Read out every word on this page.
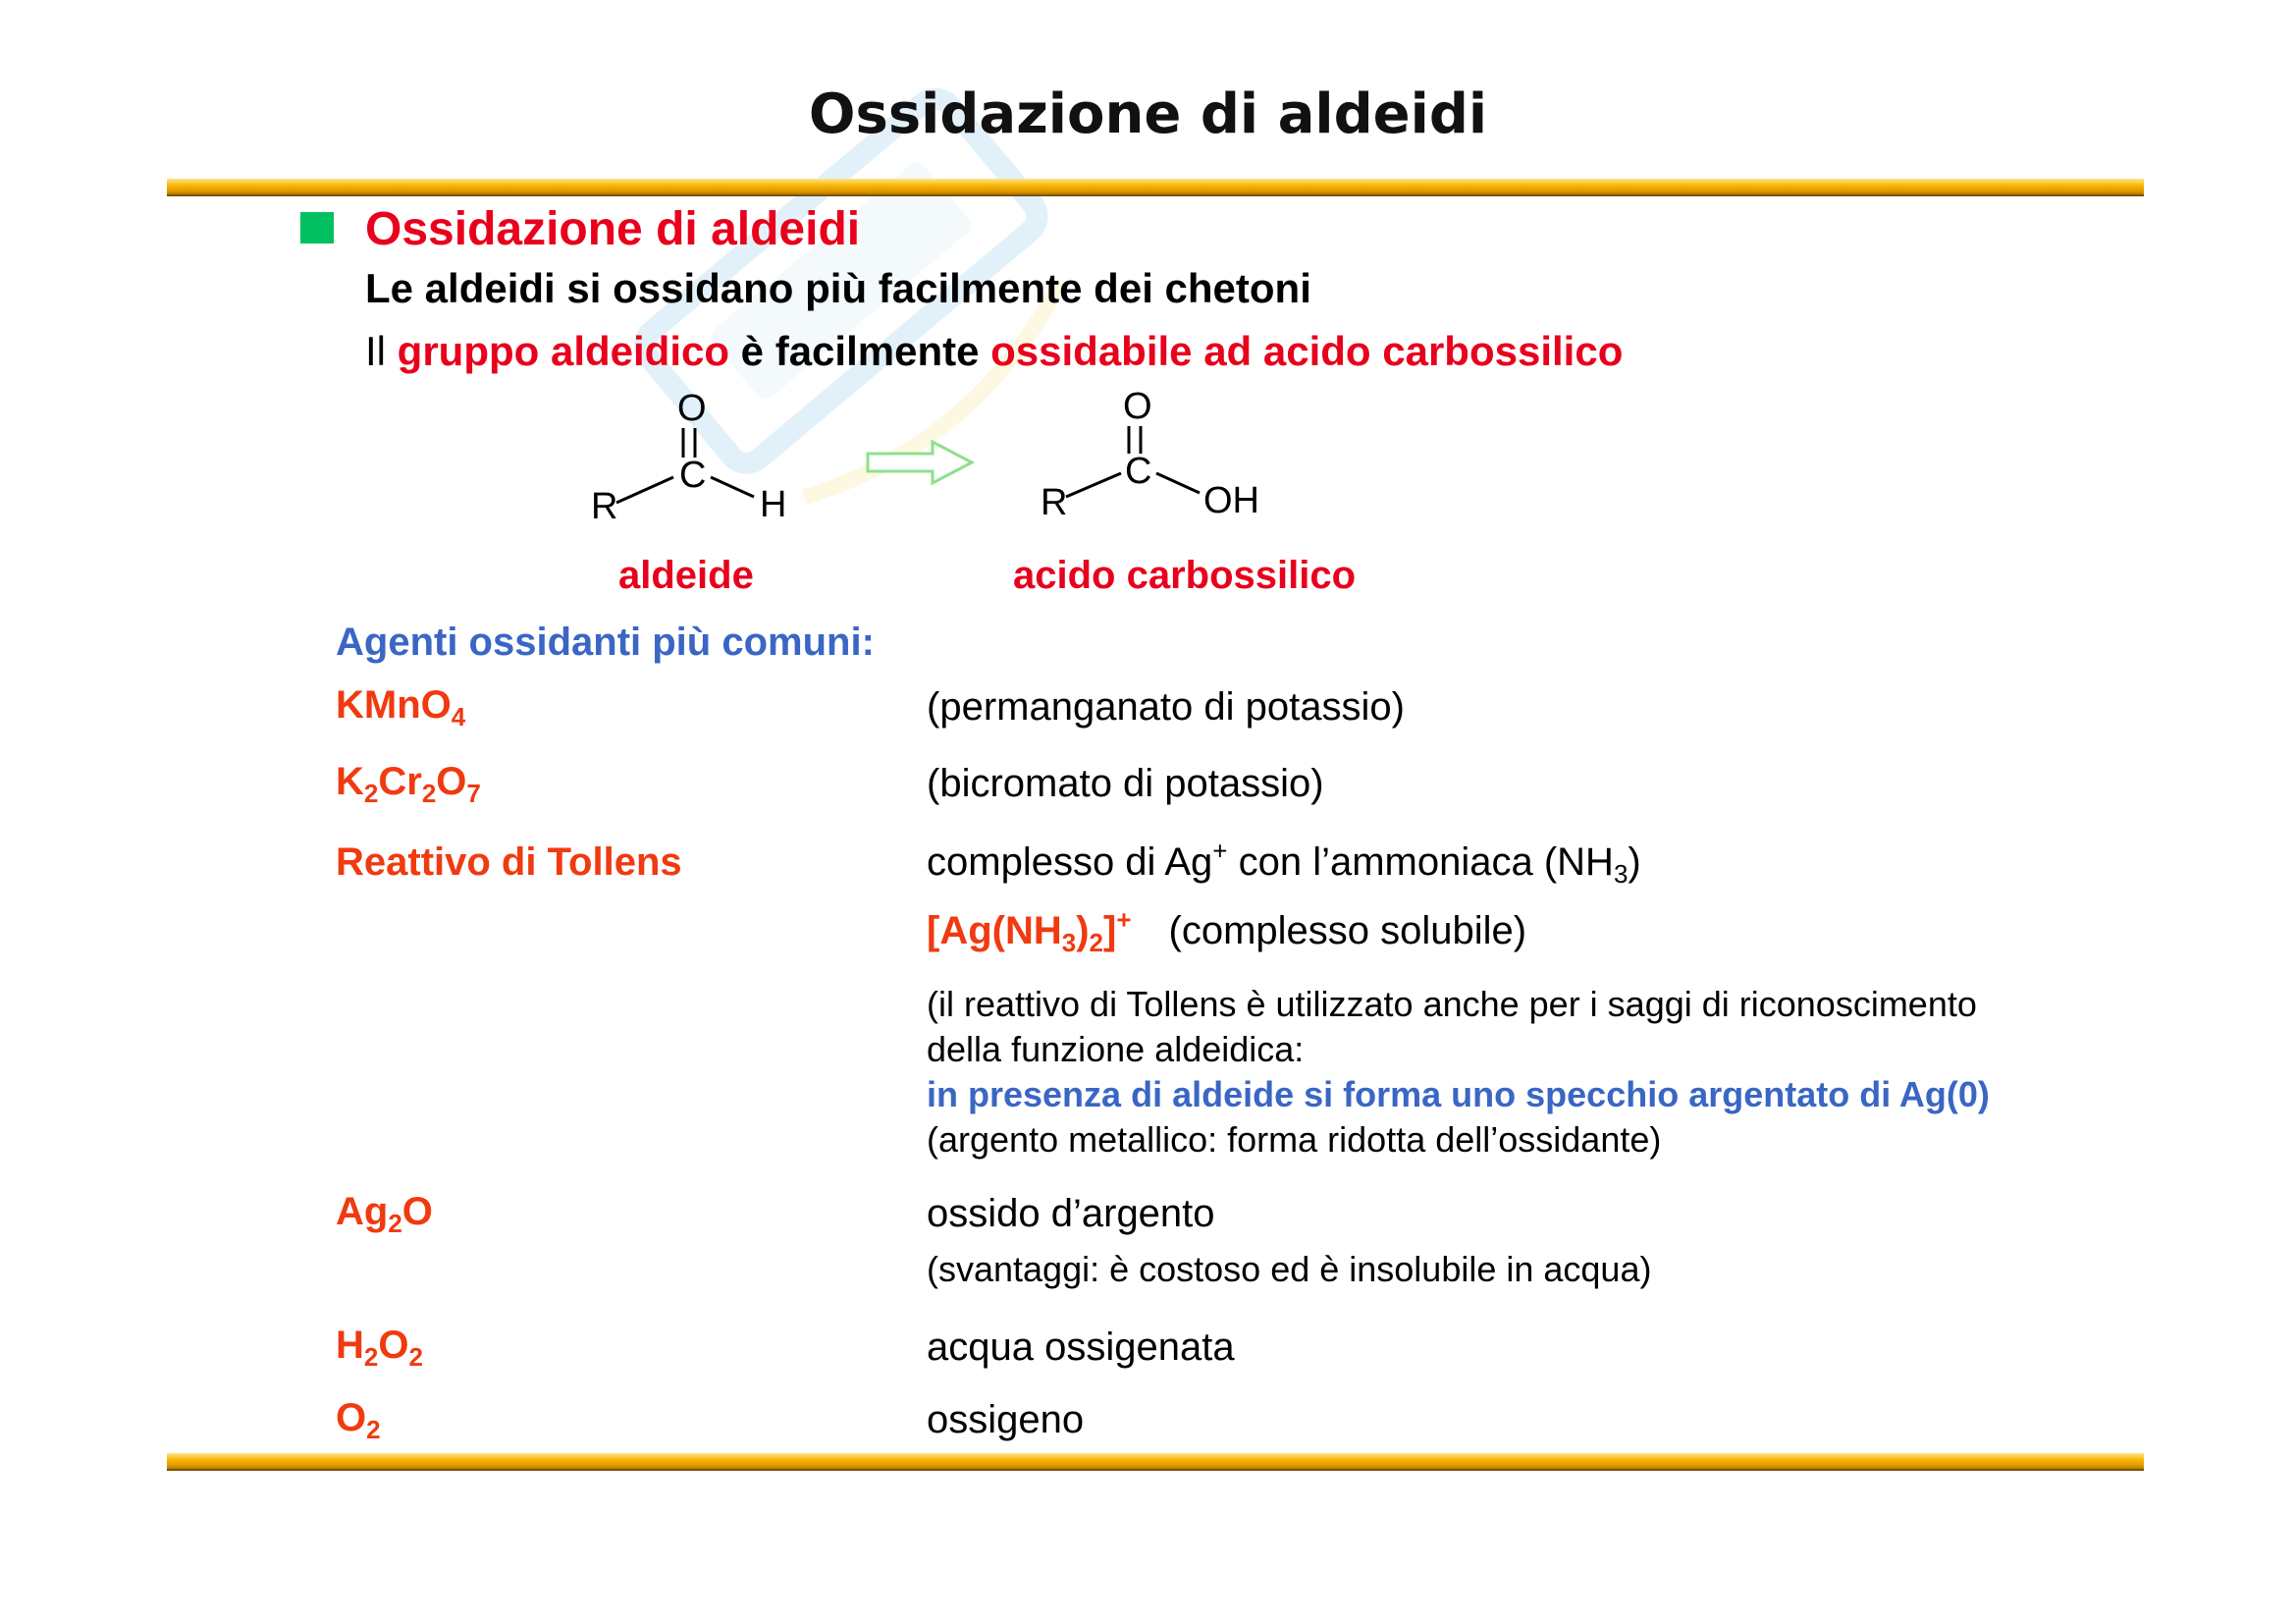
Ossidazione di aldeidi
Ossidazione di aldeidi
Le aldeidi si ossidano più facilmente dei chetoni
Il gruppo aldeidico è facilmente ossidabile ad acido carbossilico
O
C
R	H
O
C
R	OH
aldeide	acido carbossilico
Agenti ossidanti più comuni:
KMnO$_4$	(permanganato di potassio)
$K_2Cr_2O_7$	(bicromato di potassio)
Reattivo di Tollens	complesso di Ag+ con l’ammoniaca $(NH_3)$
$[Ag(NH_3)_2]^+$ (complesso solubile)
(il reattivo di Tollens è utilizzato anche per i saggi di riconoscimento
della funzione aldeidica:
in presenza di aldeide si forma uno specchio argentato di Ag(0)
(argento metallico: forma ridotta dell’ossidante)
$Ag_2O$	ossido d’argento
(svantaggi: è costoso ed è insolubile in acqua)
$H_2O_2$	acqua ossigenata
$O_2$	ossigeno
